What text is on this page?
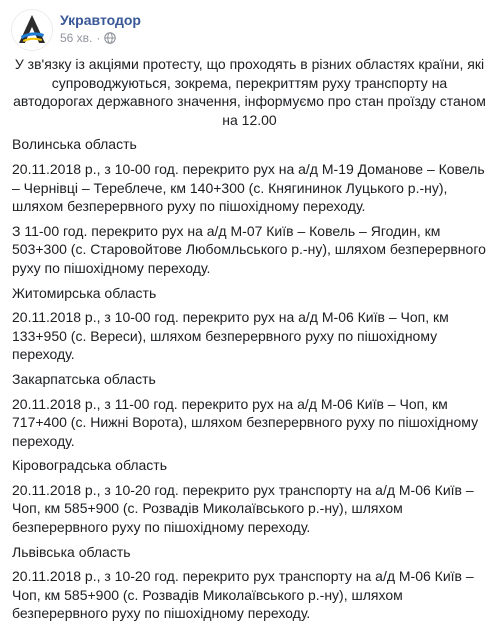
Укравтодор
56 хв. ·

У зв'язку із акціями протесту, що проходять в різних областях країни, які супроводжуються, зокрема, перекриттям руху транспорту на автодорогах державного значення, інформуємо про стан проїзду станом на 12.00

Волинська область

20.11.2018 р., з 10-00 год. перекрито рух на а/д М-19 Доманове – Ковель – Чернівці – Тереблече, км 140+300 (с. Княгининок Луцького р.-ну), шляхом безперервного руху по пішохідному переходу.

З 11-00 год. перекрито рух на а/д М-07 Київ – Ковель – Ягодин, км 503+300 (с. Старовойтове Любомльського р.-ну), шляхом безперервного руху по пішохідному переходу.

Житомирська область

20.11.2018 р., з 10-00 год. перекрито рух на а/д М-06 Київ – Чоп, км 133+950 (с. Вереси), шляхом безперервного руху по пішохідному переходу.

Закарпатська область

20.11.2018 р., з 11-00 год. перекрито рух на а/д М-06 Київ – Чоп, км 717+400 (с. Нижні Ворота), шляхом безперервного руху по пішохідному переходу.

Кіровоградська область

20.11.2018 р., з 10-20 год. перекрито рух транспорту на а/д М-06 Київ – Чоп, км 585+900 (с. Розвадів Миколаївського р.-ну), шляхом безперервного руху по пішохідному переходу.

Львівська область

20.11.2018 р., з 10-20 год. перекрито рух транспорту на а/д М-06 Київ – Чоп, км 585+900 (с. Розвадів Миколаївського р.-ну), шляхом безперервного руху по пішохідному переходу.
